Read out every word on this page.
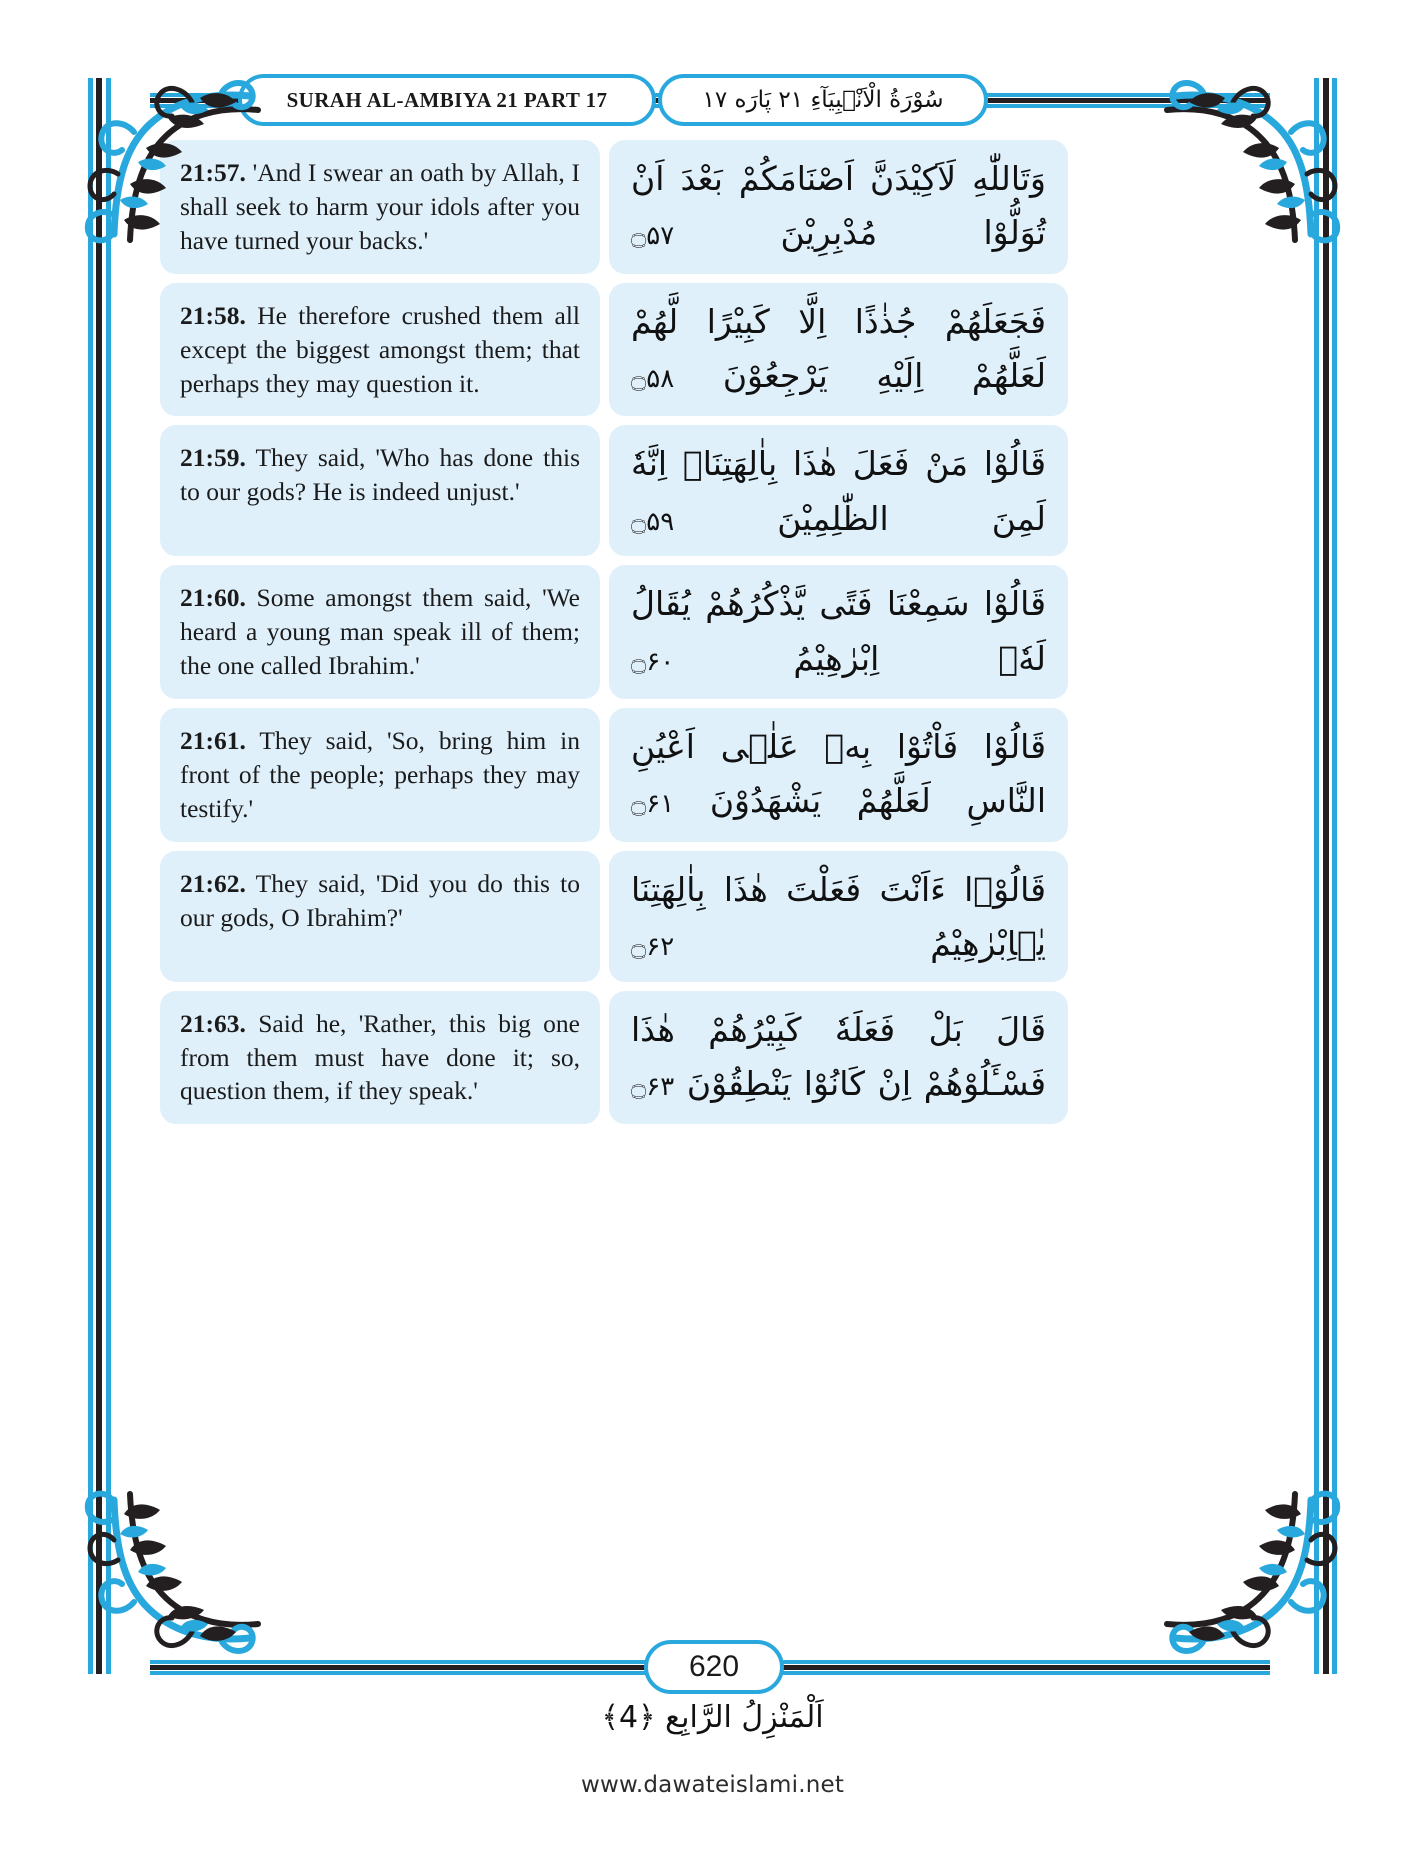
SURAH AL-AMBIYA 21 PART 17	سُوْرَةُ الْاَنْۢبِیَآءِ ٢١ پَارَه ١٧

21:57. 'And I swear an oath by Allah, I shall seek to harm your idols after you have turned your backs.'

وَتَاللّٰهِ لَاَكِیْدَنَّ اَصْنَامَكُمْ بَعْدَ اَنْ تُوَلُّوْا مُدْبِرِیْنَ ۝۵۷

21:58. He therefore crushed them all except the biggest amongst them; that perhaps they may question it.

فَجَعَلَهُمْ جُذٰذًا اِلَّا كَبِیْرًا لَّهُمْ لَعَلَّهُمْ اِلَیْهِ یَرْجِعُوْنَ ۝۵۸

21:59. They said, 'Who has done this to our gods? He is indeed unjust.'

قَالُوْا مَنْ فَعَلَ هٰذَا بِاٰلِهَتِنَاۤ اِنَّهٗ لَمِنَ الظّٰلِمِیْنَ ۝۵۹

21:60. Some amongst them said, 'We heard a young man speak ill of them; the one called Ibrahim.'

قَالُوْا سَمِعْنَا فَتًى یَّذْكُرُهُمْ یُقَالُ لَهٗۤ اِبْرٰهِیْمُ ۝۶۰

21:61. They said, 'So, bring him in front of the people; perhaps they may testify.'

قَالُوْا فَاْتُوْا بِهٖ عَلٰۤى اَعْیُنِ النَّاسِ لَعَلَّهُمْ یَشْهَدُوْنَ ۝۶۱

21:62. They said, 'Did you do this to our gods, O Ibrahim?'

قَالُوْۤا ءَاَنْتَ فَعَلْتَ هٰذَا بِاٰلِهَتِنَا یٰۤاِبْرٰهِیْمُ ۝۶۲

21:63. Said he, 'Rather, this big one from them must have done it; so, question them, if they speak.'

قَالَ بَلْ فَعَلَهٗ كَبِیْرُهُمْ هٰذَا فَسْـَٔلُوْهُمْ اِنْ كَانُوْا یَنْطِقُوْنَ ۝۶۳

620
اَلْمَنْزِلُ الرَّابِع ﴿4﴾
www.dawateislami.net
